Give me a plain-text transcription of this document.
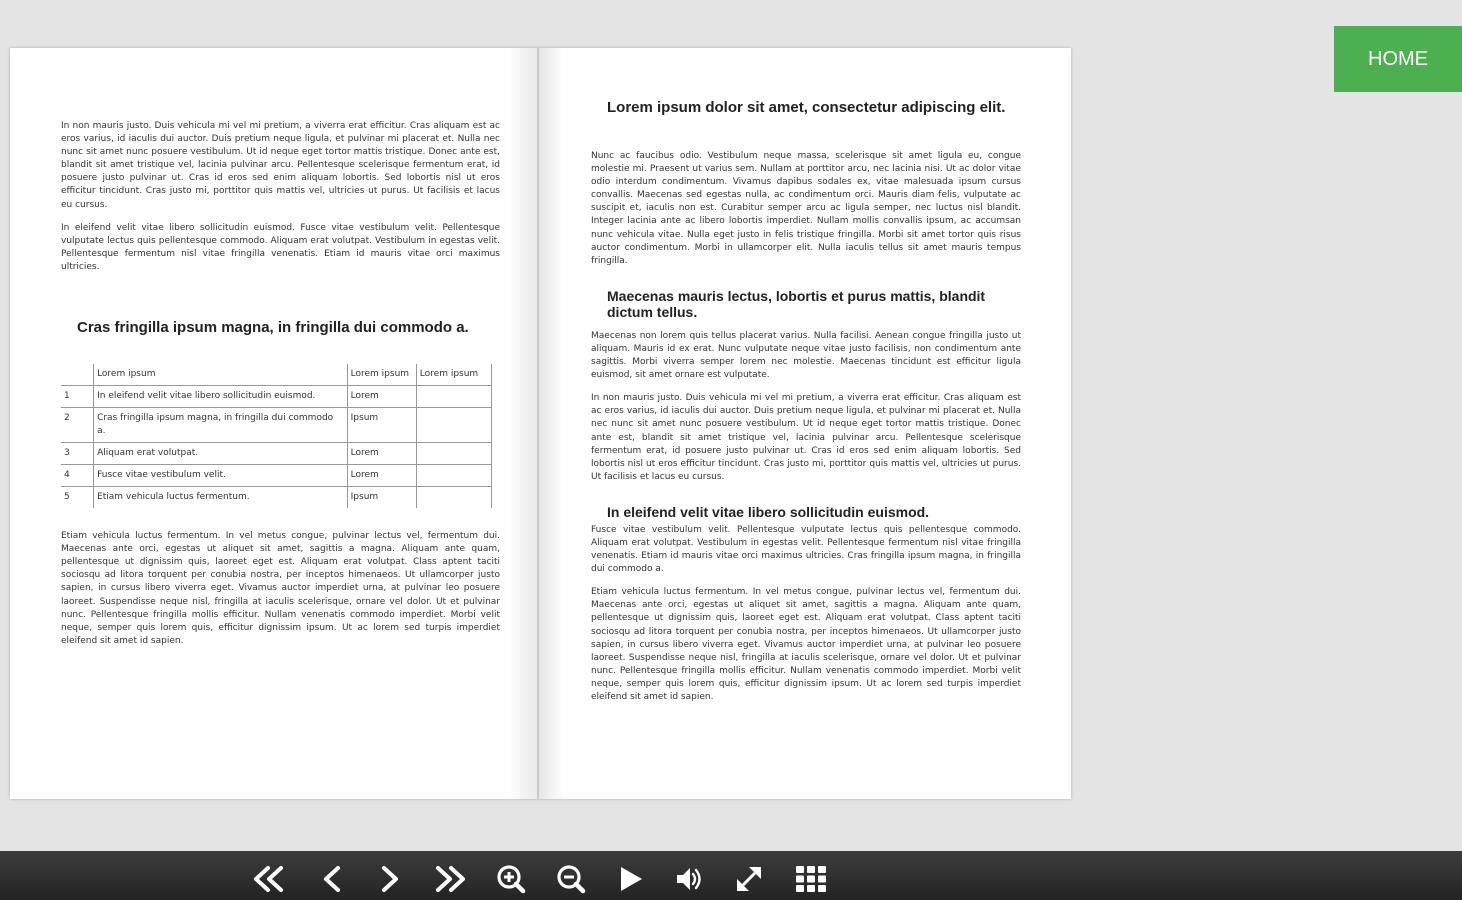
HOME

In non mauris justo. Duis vehicula mi vel mi pretium, a viverra erat efficitur. Cras aliquam est ac eros varius, id iaculis dui auctor. Duis pretium neque ligula, et pulvinar mi placerat et. Nulla nec nunc sit amet nunc posuere vestibulum. Ut id neque eget tortor mattis tristique. Donec ante est, blandit sit amet tristique vel, lacinia pulvinar arcu. Pellentesque scelerisque fermentum erat, id posuere justo pulvinar ut. Cras id eros sed enim aliquam lobortis. Sed lobortis nisl ut eros efficitur tincidunt. Cras justo mi, porttitor quis mattis vel, ultricies ut purus. Ut facilisis et lacus eu cursus.

In eleifend velit vitae libero sollicitudin euismod. Fusce vitae vestibulum velit. Pellentesque vulputate lectus quis pellentesque commodo. Aliquam erat volutpat. Vestibulum in egestas velit. Pellentesque fermentum nisl vitae fringilla venenatis. Etiam id mauris vitae orci maximus ultricies.

Cras fringilla ipsum magna, in fringilla dui commodo a.
	Lorem ipsum	Lorem ipsum	Lorem ipsum
1	In eleifend velit vitae libero sollicitudin euismod.	Lorem	
2	Cras fringilla ipsum magna, in fringilla dui commodo a.	Ipsum	
3	Aliquam erat volutpat.	Lorem	
4	Fusce vitae vestibulum velit.	Lorem	
5	Etiam vehicula luctus fermentum.	Ipsum	

Etiam vehicula luctus fermentum. In vel metus congue, pulvinar lectus vel, fermentum dui. Maecenas ante orci, egestas ut aliquet sit amet, sagittis a magna. Aliquam ante quam, pellentesque ut dignissim quis, laoreet eget est. Aliquam erat volutpat. Class aptent taciti sociosqu ad litora torquent per conubia nostra, per inceptos himenaeos. Ut ullamcorper justo sapien, in cursus libero viverra eget. Vivamus auctor imperdiet urna, at pulvinar leo posuere laoreet. Suspendisse neque nisl, fringilla at iaculis scelerisque, ornare vel dolor. Ut et pulvinar nunc. Pellentesque fringilla mollis efficitur. Nullam venenatis commodo imperdiet. Morbi velit neque, semper quis lorem quis, efficitur dignissim ipsum. Ut ac lorem sed turpis imperdiet eleifend sit amet id sapien.

Lorem ipsum dolor sit amet, consectetur adipiscing elit.

Nunc ac faucibus odio. Vestibulum neque massa, scelerisque sit amet ligula eu, congue molestie mi. Praesent ut varius sem. Nullam at porttitor arcu, nec lacinia nisi. Ut ac dolor vitae odio interdum condimentum. Vivamus dapibus sodales ex, vitae malesuada ipsum cursus convallis. Maecenas sed egestas nulla, ac condimentum orci. Mauris diam felis, vulputate ac suscipit et, iaculis non est. Curabitur semper arcu ac ligula semper, nec luctus nisl blandit. Integer lacinia ante ac libero lobortis imperdiet. Nullam mollis convallis ipsum, ac accumsan nunc vehicula vitae. Nulla eget justo in felis tristique fringilla. Morbi sit amet tortor quis risus auctor condimentum. Morbi in ullamcorper elit. Nulla iaculis tellus sit amet mauris tempus fringilla.

Maecenas mauris lectus, lobortis et purus mattis, blandit dictum tellus.

Maecenas non lorem quis tellus placerat varius. Nulla facilisi. Aenean congue fringilla justo ut aliquam. Mauris id ex erat. Nunc vulputate neque vitae justo facilisis, non condimentum ante sagittis. Morbi viverra semper lorem nec molestie. Maecenas tincidunt est efficitur ligula euismod, sit amet ornare est vulputate.

In non mauris justo. Duis vehicula mi vel mi pretium, a viverra erat efficitur. Cras aliquam est ac eros varius, id iaculis dui auctor. Duis pretium neque ligula, et pulvinar mi placerat et. Nulla nec nunc sit amet nunc posuere vestibulum. Ut id neque eget tortor mattis tristique. Donec ante est, blandit sit amet tristique vel, lacinia pulvinar arcu. Pellentesque scelerisque fermentum erat, id posuere justo pulvinar ut. Cras id eros sed enim aliquam lobortis. Sed lobortis nisl ut eros efficitur tincidunt. Cras justo mi, porttitor quis mattis vel, ultricies ut purus. Ut facilisis et lacus eu cursus.

In eleifend velit vitae libero sollicitudin euismod.

Fusce vitae vestibulum velit. Pellentesque vulputate lectus quis pellentesque commodo. Aliquam erat volutpat. Vestibulum in egestas velit. Pellentesque fermentum nisl vitae fringilla venenatis. Etiam id mauris vitae orci maximus ultricies. Cras fringilla ipsum magna, in fringilla dui commodo a.

Etiam vehicula luctus fermentum. In vel metus congue, pulvinar lectus vel, fermentum dui. Maecenas ante orci, egestas ut aliquet sit amet, sagittis a magna. Aliquam ante quam, pellentesque ut dignissim quis, laoreet eget est. Aliquam erat volutpat. Class aptent taciti sociosqu ad litora torquent per conubia nostra, per inceptos himenaeos. Ut ullamcorper justo sapien, in cursus libero viverra eget. Vivamus auctor imperdiet urna, at pulvinar leo posuere laoreet. Suspendisse neque nisl, fringilla at iaculis scelerisque, ornare vel dolor. Ut et pulvinar nunc. Pellentesque fringilla mollis efficitur. Nullam venenatis commodo imperdiet. Morbi velit neque, semper quis lorem quis, efficitur dignissim ipsum. Ut ac lorem sed turpis imperdiet eleifend sit amet id sapien.
